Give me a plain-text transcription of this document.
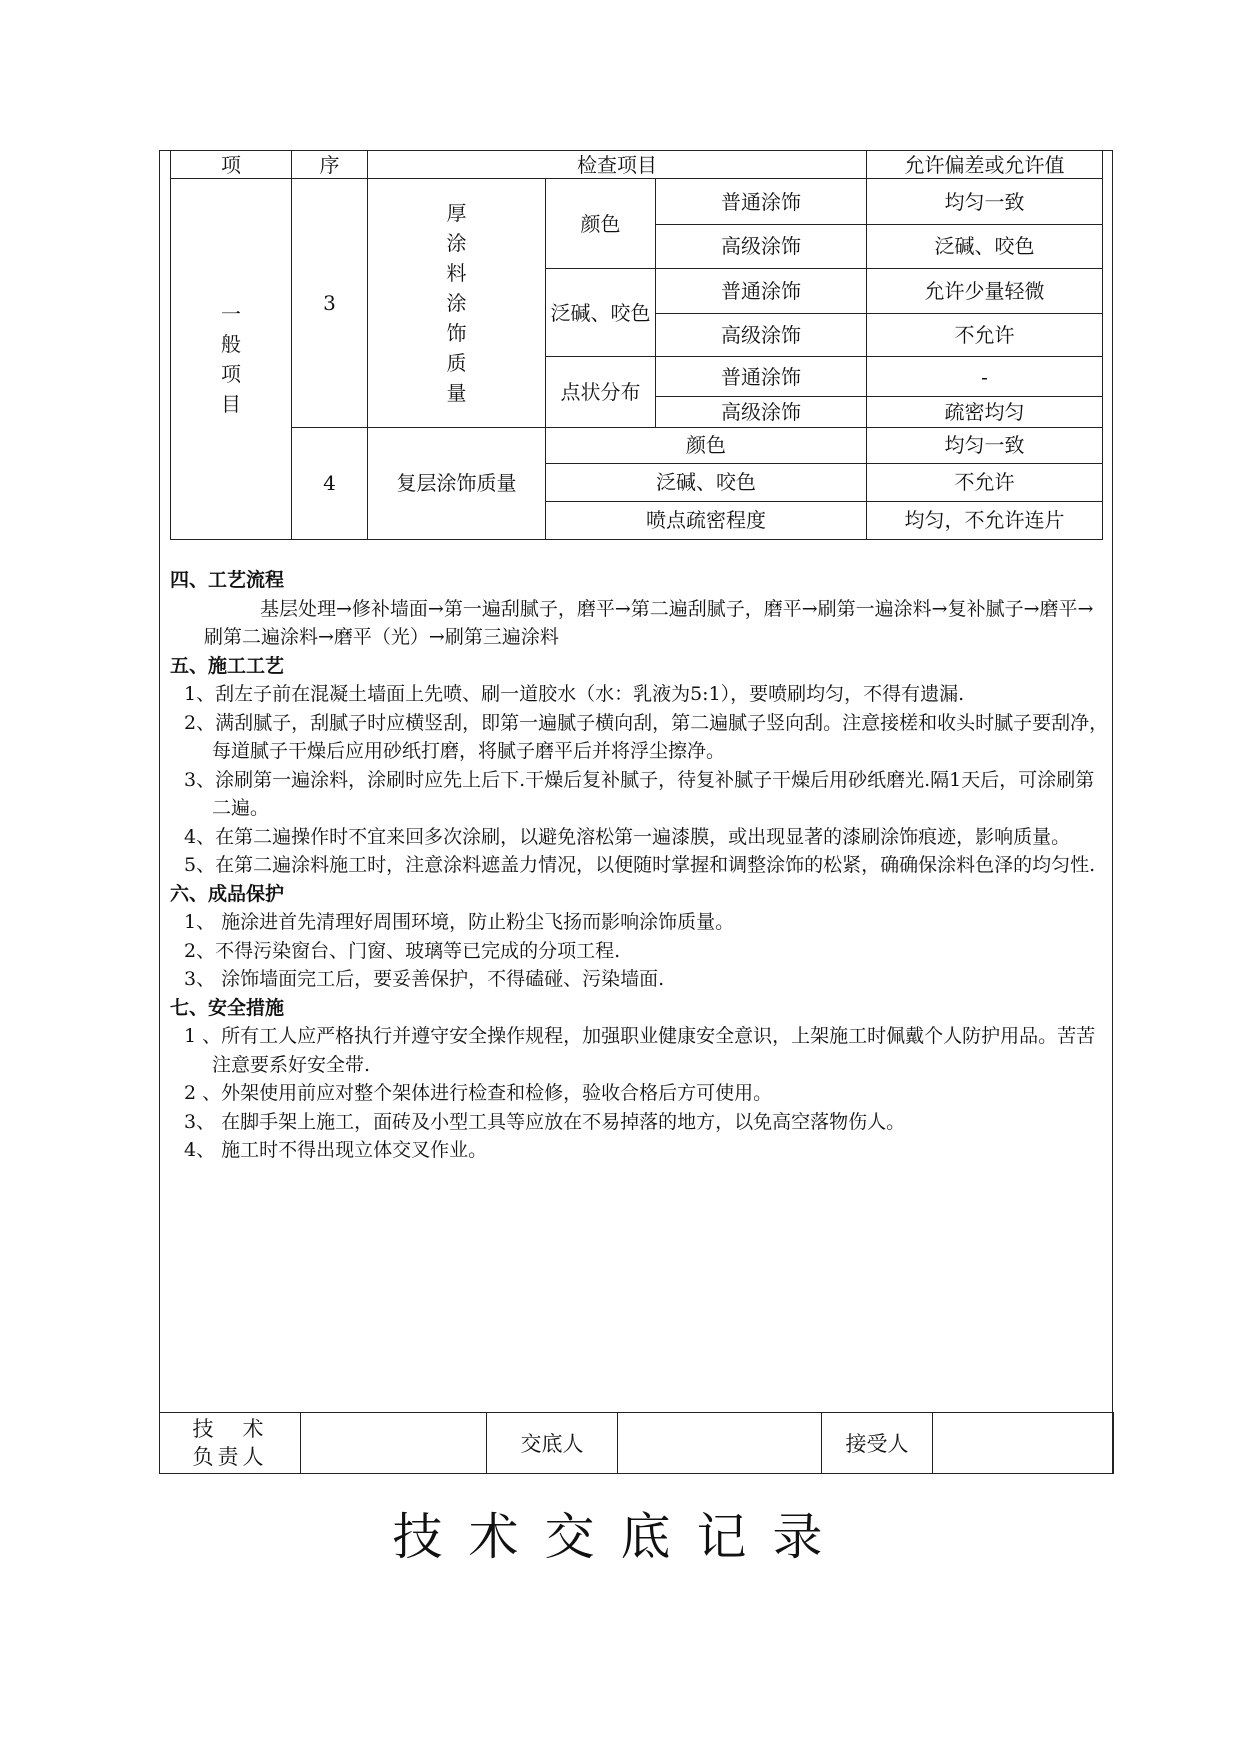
项	序	检查项目			允许偏差或允许值
一般项目	3	厚涂料涂饰质量	颜色	普通涂饰	均匀一致
				高级涂饰	泛碱、咬色
			泛碱、咬色	普通涂饰	允许少量轻微
				高级涂饰	不允许
			点状分布	普通涂饰	-
				高级涂饰	疏密均匀
	4	复层涂饰质量	颜色		均匀一致
			泛碱、咬色		不允许
			喷点疏密程度		均匀，不允许连片

四、工艺流程

基层处理→修补墙面→第一遍刮腻子，磨平→第二遍刮腻子，磨平→刷第一遍涂料→复补腻子→磨平→刷第二遍涂料→磨平（光）→刷第三遍涂料

五、施工工艺

1、刮左子前在混凝土墙面上先喷、刷一道胶水（水：乳液为5:1），要喷刷均匀，不得有遗漏.

2、满刮腻子，刮腻子时应横竖刮，即第一遍腻子横向刮，第二遍腻子竖向刮。注意接槎和收头时腻子要刮净，每道腻子干燥后应用砂纸打磨，将腻子磨平后并将浮尘擦净。

3、涂刷第一遍涂料，涂刷时应先上后下.干燥后复补腻子，待复补腻子干燥后用砂纸磨光.隔1天后，可涂刷第二遍。

4、在第二遍操作时不宜来回多次涂刷，以避免溶松第一遍漆膜，或出现显著的漆刷涂饰痕迹，影响质量。

5、在第二遍涂料施工时，注意涂料遮盖力情况，以便随时掌握和调整涂饰的松紧，确确保涂料色泽的均匀性.

六、成品保护

1、 施涂进首先清理好周围环境，防止粉尘飞扬而影响涂饰质量。

2、不得污染窗台、门窗、玻璃等已完成的分项工程.

3、 涂饰墙面完工后，要妥善保护，不得磕碰、污染墙面.

七、安全措施

1 、所有工人应严格执行并遵守安全操作规程，加强职业健康安全意识，上架施工时佩戴个人防护用品。苦苦注意要系好安全带.

2 、外架使用前应对整个架体进行检查和检修，验收合格后方可使用。

3、 在脚手架上施工，面砖及小型工具等应放在不易掉落的地方，以免高空落物伤人。

4、 施工时不得出现立体交叉作业。

技　术
负责人
		交底人		接受人	
技术交底记录
